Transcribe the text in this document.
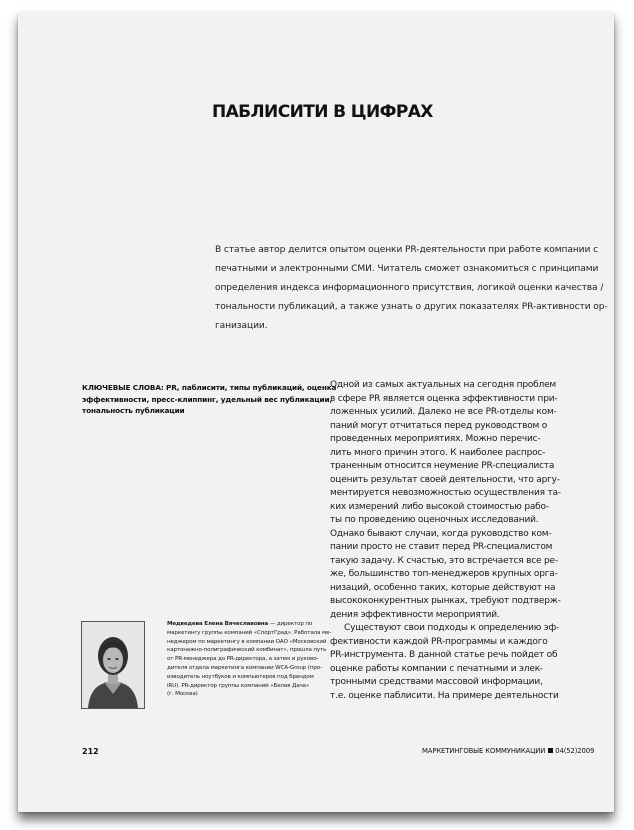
ПАБЛИСИТИ В ЦИФРАХ
В статье автор делится опытом оценки PR-деятельности при работе компании с
печатными и электронными СМИ. Читатель сможет ознакомиться с принципами
определения индекса информационного присутствия, логикой оценки качества /
тональности публикаций, а также узнать о других показателях PR-активности ор-
ганизации.
КЛЮЧЕВЫЕ СЛОВА: PR, паблисити, типы публикаций, оценка
эффективности, пресс-клиппинг, удельный вес публикации,
тональность публикации
Одной из самых актуальных на сегодня проблем
в сфере PR является оценка эффективности при-
ложенных усилий. Далеко не все PR-отделы ком-
паний могут отчитаться перед руководством о
проведенных мероприятиях. Можно перечис-
лить много причин этого. К наиболее распрос-
траненным относится неумение PR-специалиста
оценить результат своей деятельности, что аргу-
ментируется невозможностью осуществления та-
ких измерений либо высокой стоимостью рабо-
ты по проведению оценочных исследований.
Однако бывают случаи, когда руководство ком-
пании просто не ставит перед PR-специалистом
такую задачу. К счастью, это встречается все ре-
же, большинство топ-менеджеров крупных орга-
низаций, особенно таких, которые действуют на
высококонкурентных рынках, требуют подтверж-
дения эффективности мероприятий.
Существуют свои подходы к определению эф-
фективности каждой PR-программы и каждого
PR-инструмента. В данной статье речь пойдет об
оценке работы компании с печатными и элек-
тронными средствами массовой информации,
т.е. оценке паблисити. На примере деятельности
Медведева Елена Вячеславовна — директор по
маркетингу группы компаний «СпортГрад». Работала ме-
неджером по маркетингу в компании ОАО «Московский
картонажно-полиграфический комбинат», прошла путь
от PR-менеджера до PR-директора, а затем и руково-
дителя отдела маркетинга компании WCA-Group (про-
изводитель ноутбуков и компьютеров под брендом
iRU). PR-директор группы компаний «Белая Дача»
(г. Москва)
212	МАРКЕТИНГОВЫЕ КОММУНИКАЦИИ 04(52)2009
